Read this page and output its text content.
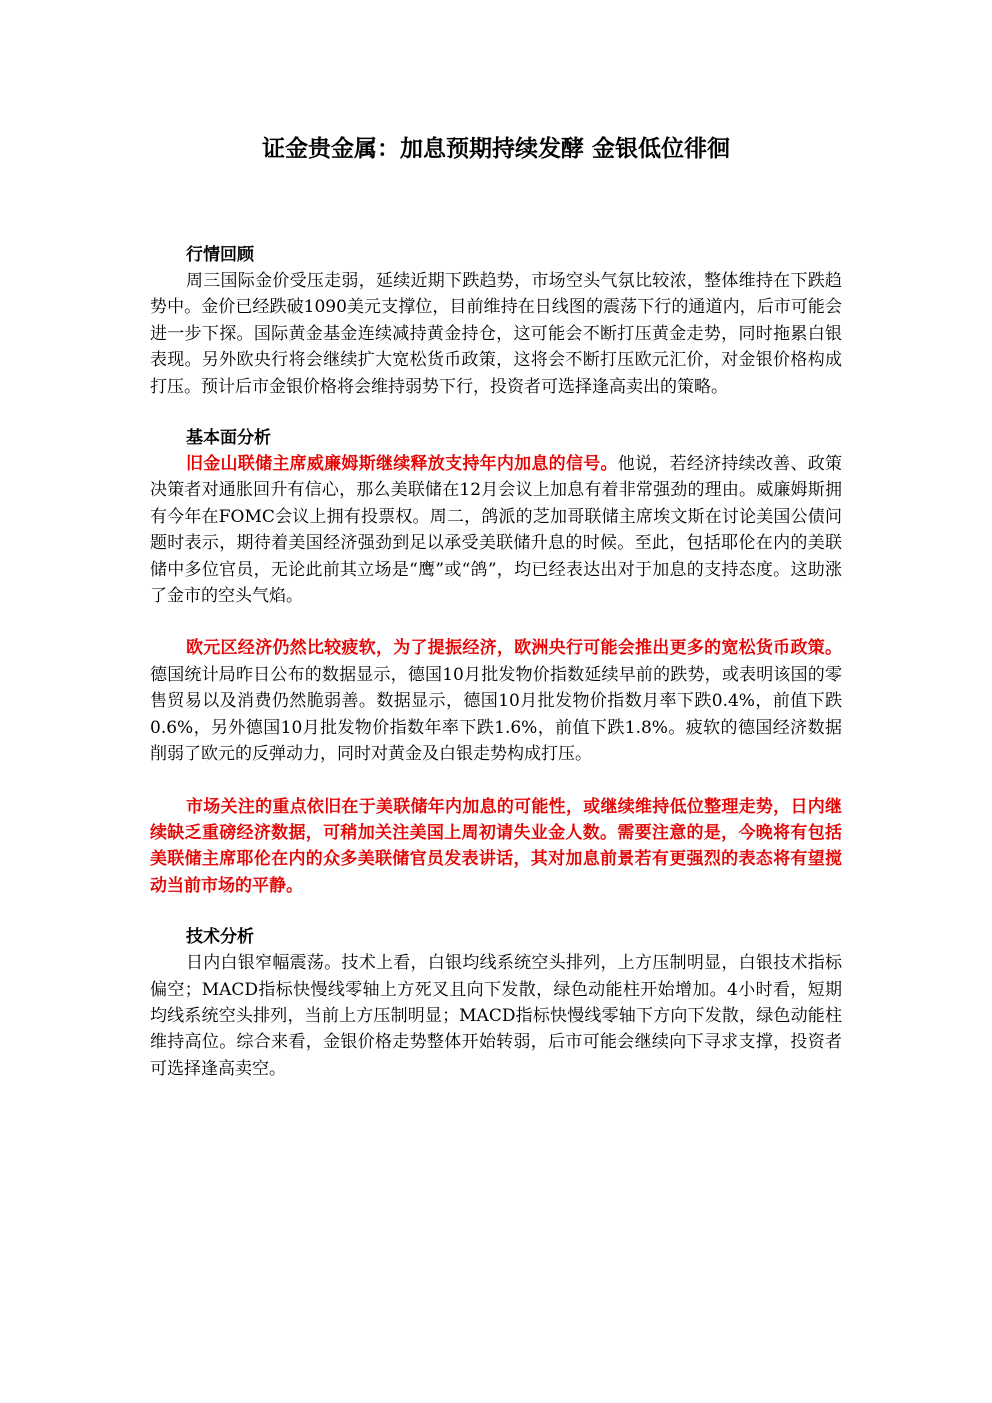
证金贵金属：加息预期持续发酵 金银低位徘徊
行情回顾

周三国际金价受压走弱，延续近期下跌趋势，市场空头气氛比较浓，整体维持在下跌趋势中。金价已经跌破1090美元支撑位，目前维持在日线图的震荡下行的通道内，后市可能会进一步下探。国际黄金基金连续减持黄金持仓，这可能会不断打压黄金走势，同时拖累白银表现。另外欧央行将会继续扩大宽松货币政策，这将会不断打压欧元汇价，对金银价格构成打压。预计后市金银价格将会维持弱势下行，投资者可选择逢高卖出的策略。

基本面分析

旧金山联储主席威廉姆斯继续释放支持年内加息的信号。他说，若经济持续改善、政策决策者对通胀回升有信心，那么美联储在12月会议上加息有着非常强劲的理由。威廉姆斯拥有今年在FOMC会议上拥有投票权。周二，鸽派的芝加哥联储主席埃文斯在讨论美国公债问题时表示，期待着美国经济强劲到足以承受美联储升息的时候。至此，包括耶伦在内的美联储中多位官员，无论此前其立场是“鹰”或“鸽”，均已经表达出对于加息的支持态度。这助涨了金市的空头气焰。

欧元区经济仍然比较疲软，为了提振经济，欧洲央行可能会推出更多的宽松货币政策。德国统计局昨日公布的数据显示，德国10月批发物价指数延续早前的跌势，或表明该国的零售贸易以及消费仍然脆弱善。数据显示，德国10月批发物价指数月率下跌0.4%，前值下跌0.6%，另外德国10月批发物价指数年率下跌1.6%，前值下跌1.8%。疲软的德国经济数据削弱了欧元的反弹动力，同时对黄金及白银走势构成打压。

市场关注的重点依旧在于美联储年内加息的可能性，或继续维持低位整理走势，日内继续缺乏重磅经济数据，可稍加关注美国上周初请失业金人数。需要注意的是，今晚将有包括美联储主席耶伦在内的众多美联储官员发表讲话，其对加息前景若有更强烈的表态将有望搅动当前市场的平静。

技术分析

日内白银窄幅震荡。技术上看，白银均线系统空头排列，上方压制明显，白银技术指标偏空；MACD指标快慢线零轴上方死叉且向下发散，绿色动能柱开始增加。4小时看，短期均线系统空头排列，当前上方压制明显；MACD指标快慢线零轴下方向下发散，绿色动能柱维持高位。综合来看，金银价格走势整体开始转弱，后市可能会继续向下寻求支撑，投资者可选择逢高卖空。
